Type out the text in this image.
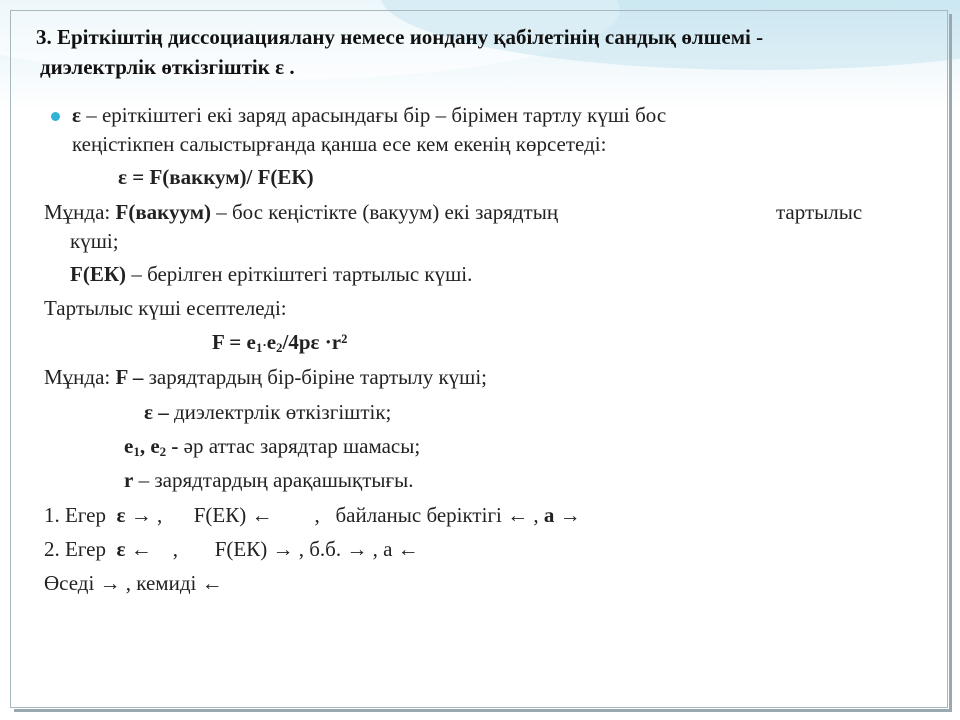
3. Еріткіштің диссоциациялану немесе иондану қабілетінің сандық өлшемі -
диэлектрлік өткізгіштік ε .
ε – еріткіштегі екі заряд арасындағы бір – бірімен тартлу күші бос
кеңістікпен салыстырғанда қанша есе кем екенің көрсетеді:
ε = F(ваккум)/ F(ЕК)
Мұнда: F(вакуум) – бос кеңістікте (вакуум) екі зарядтың	тартылыс
күші;
F(ЕК) – берілген еріткіштегі тартылыс күші.
Тартылыс күші есептеледі:
$F = e_1\cdot e_2/4p\varepsilon \cdot r^2$
Мұнда: F – зарядтардың бір-біріне тартылу күші;
ε – диэлектрлік өткізгіштік;
$e_1$, $e_2$ - әр аттас зарядтар шамасы;
r – зарядтардың арақашықтығы.
1. Егер  ε → ,      F(ЕК) ←        ,   байланыс беріктігі ← , a →
2. Егер  ε ←    ,       F(ЕК) → , б.б. → , а ←
Өседі → , кемиді ←
